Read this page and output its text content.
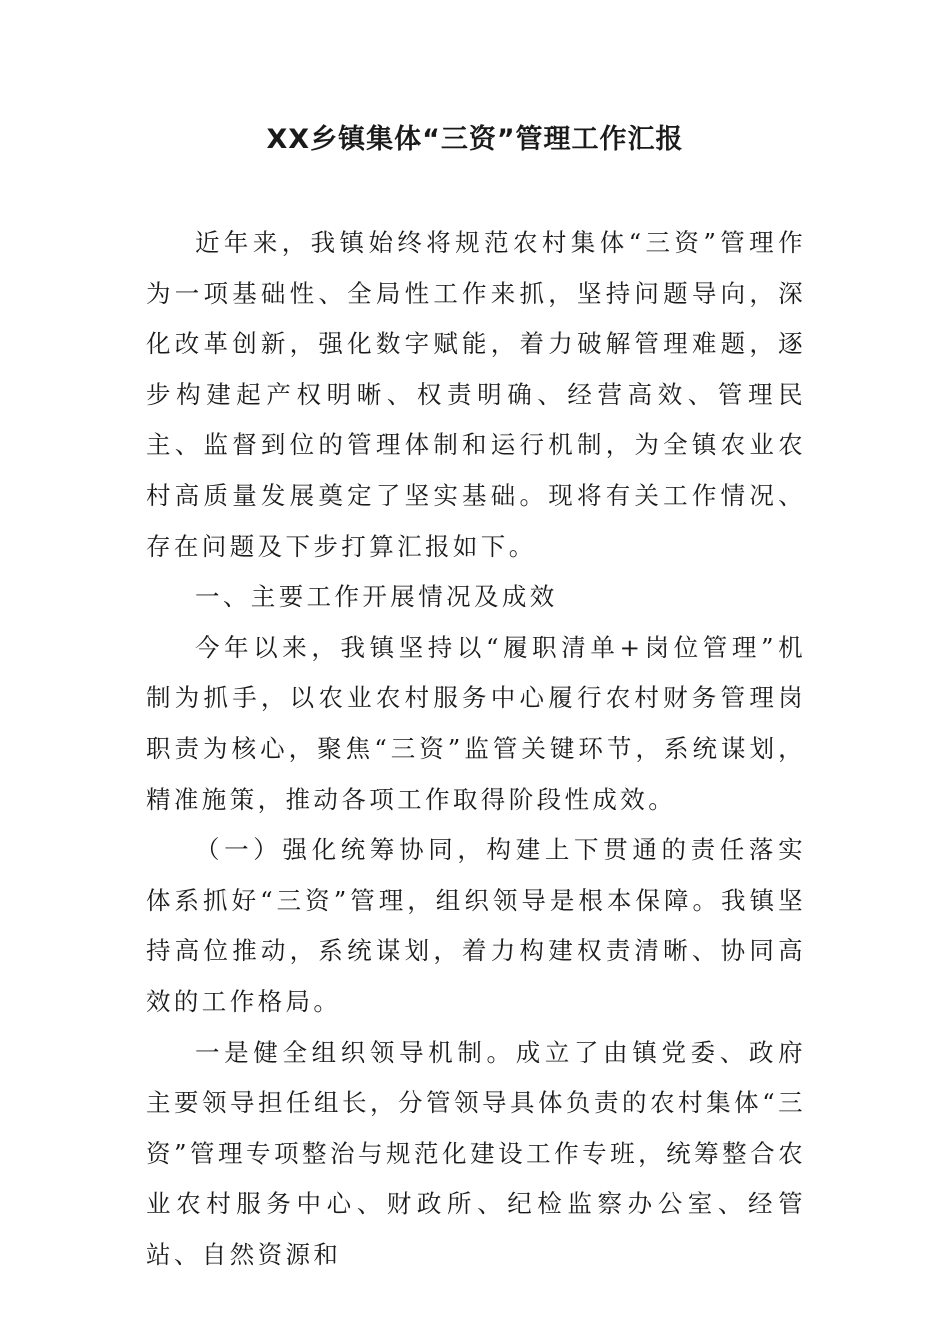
XX乡镇集体“三资”管理工作汇报

近年来，我镇始终将规范农村集体“三资”管理作为一项基础性、全局性工作来抓，坚持问题导向，深化改革创新，强化数字赋能，着力破解管理难题，逐步构建起产权明晰、权责明确、经营高效、管理民主、监督到位的管理体制和运行机制，为全镇农业农村高质量发展奠定了坚实基础。现将有关工作情况、存在问题及下步打算汇报如下。

一、主要工作开展情况及成效

今年以来，我镇坚持以“履职清单+岗位管理”机制为抓手，以农业农村服务中心履行农村财务管理岗职责为核心，聚焦“三资”监管关键环节，系统谋划，精准施策，推动各项工作取得阶段性成效。

（一）强化统筹协同，构建上下贯通的责任落实体系抓好“三资”管理，组织领导是根本保障。我镇坚持高位推动，系统谋划，着力构建权责清晰、协同高效的工作格局。

一是健全组织领导机制。成立了由镇党委、政府主要领导担任组长，分管领导具体负责的农村集体“三资”管理专项整治与规范化建设工作专班，统筹整合农业农村服务中心、财政所、纪检监察办公室、经管站、自然资源和
